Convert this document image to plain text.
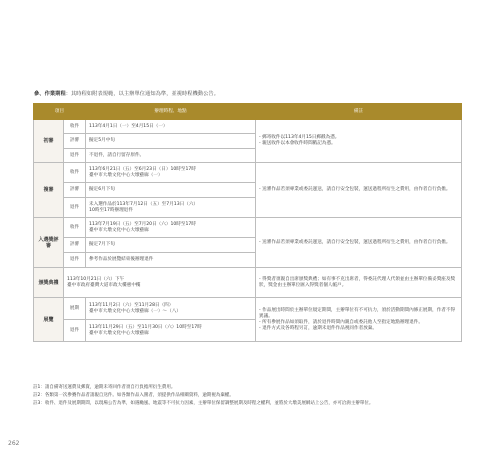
參、作業期程：其時程如附表規範，以主辦單位通知為準，並視時程機動公告。
項目		辦理時程、地點	備註
初審	收件	113年4月1日（一）至4月15日（一）	- 郵寄收件以113年4月15日郵戳為憑。
- 親送收件以本會收件時間戳記為憑。

	評審	擬定5月中旬	

	退件	不退件，請自行留存原件。	

複審	收件	113年6月21日（五）至6月23日（日）10時至17時
臺中市大墩文化中心大墩藝廊（一）	- 送審作品若須專業或委託運送，請自行安全包裝，運送過程所衍生之費用，由作者自行負擔。

	評審	擬定6月下旬	

	退件	未入選作品於113年7月12日（五）至7月13日（六）
10時至17時辦理退件	

入選獎評審	收件	113年7月19日（五）至7月20日（六）10時至17時
臺中市大墩文化中心大墩藝廊	- 送審作品若須專業或委託運送，請自行安全包裝，運送過程所衍生之費用，由作者自行負擔。

	評審	擬定7月下旬	

	退件	參考作品於展覽結束後辦理退件	

頒獎典禮	113年10月21日（六）下午
臺中市政府臺灣大道市政大樓惠中樓		- 得獎者須親自出席頒獎典禮；如有事不克出席者，得委託代理人代領並由主辦單位備妥獎座及獎狀，獎金由主辦單位匯入得獎者個人帳戶。

展覽	展期	113年11月2日（六）至11月28日（四）
臺中市大墩文化中心大墩藝廊（一）～（八）	- 作品展出時間於主辦單位規定期間，主辦單位有不可抗力，須於活動期間內修正展期，作者不得異議。
- 所有參展作品如須取件，請於退件時間內親自或委託他人至指定地點辦理退件。
- 退件方式及各時程另訂，逾期未退件作品視同作者放棄。

	退件	113年11月29日（五）至11月30日（六）10時至17時
臺中市大墩文化中心大墩藝廊	
註1：請自備寄送運費及郵資，逾期未寄回作者須自行負擔所衍生費用。
註2：各類第一次參賽作品者請親自送件。如各類作品入圍者，須提供作品相關資料，逾期視為棄權。
註3：收件、退件及展期期間，以現場公告為準，如遇颱風、地震等不可抗力因素，主辦單位保留調整展期及時程之權利，並將於大墩美展網站上公告，亦可洽詢主辦單位。
262
